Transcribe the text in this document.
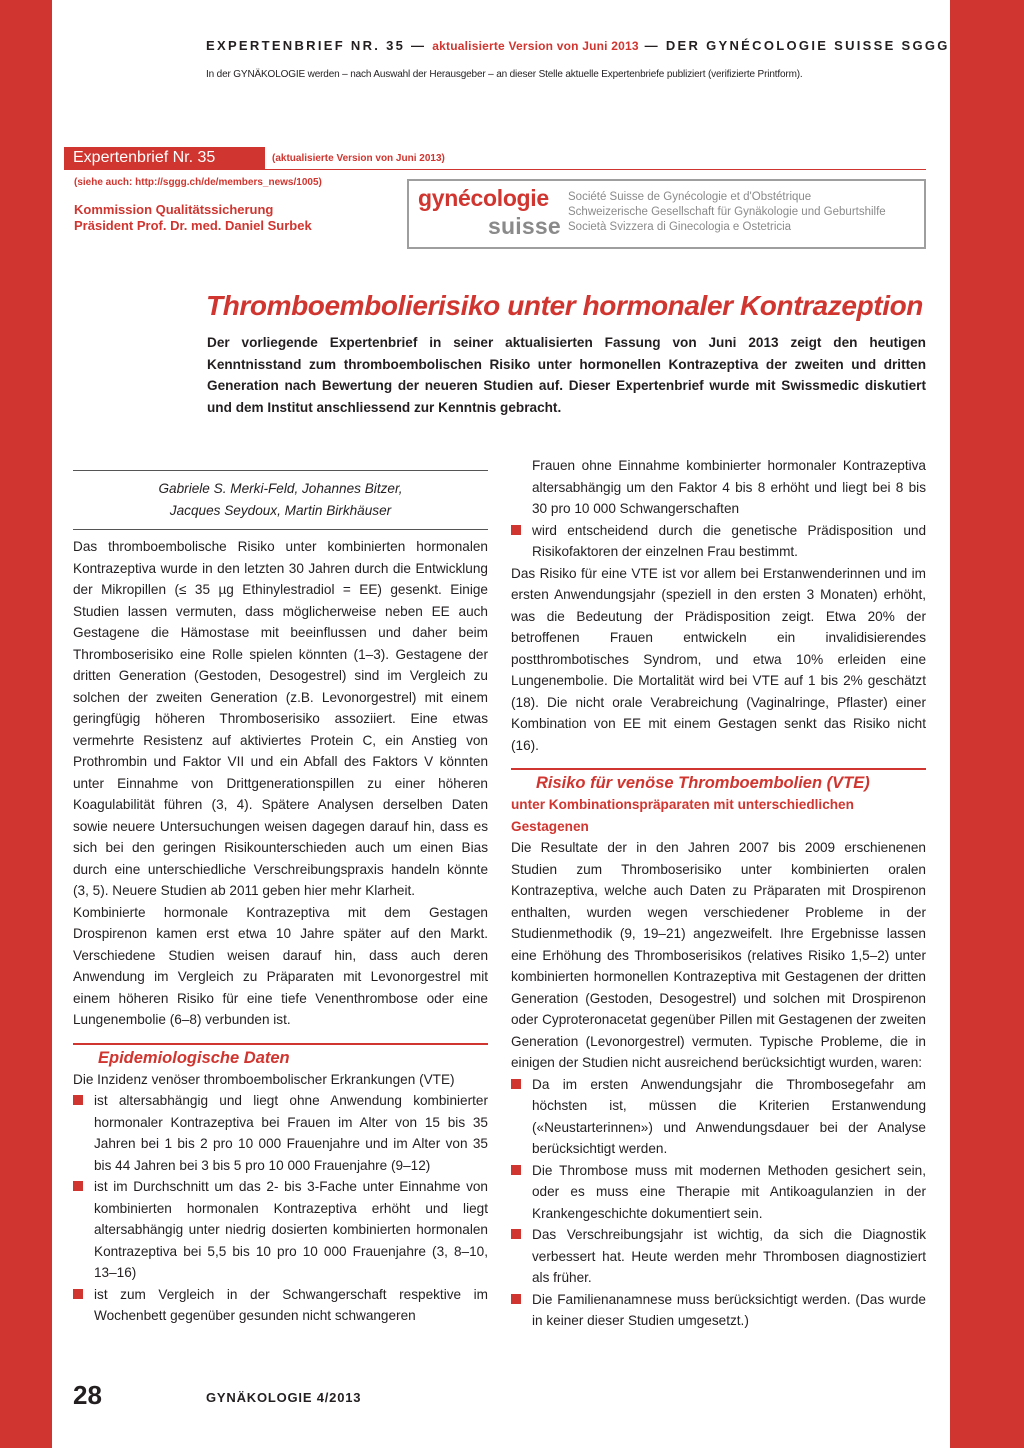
EXPERTENBRIEF NR. 35 — aktualisierte Version von Juni 2013 — DER GYNÉCOLOGIE SUISSE SGGG
In der GYNÄKOLOGIE werden – nach Auswahl der Herausgeber – an dieser Stelle aktuelle Expertenbriefe publiziert (verifizierte Printform).
Expertenbrief Nr. 35	(aktualisierte Version von Juni 2013)
(siehe auch: http://sggg.ch/de/members_news/1005)
Kommission Qualitätssicherung
Präsident Prof. Dr. med. Daniel Surbek
gynécologie
suisse
Société Suisse de Gynécologie et d'Obstétrique
Schweizerische Gesellschaft für Gynäkologie und Geburtshilfe
Società Svizzera di Ginecologia e Ostetricia
Thromboembolierisiko unter hormonaler Kontrazeption

Der vorliegende Expertenbrief in seiner aktualisierten Fassung von Juni 2013 zeigt den heutigen Kenntnisstand zum thromboembolischen Risiko unter hormonellen Kontrazeptiva der zweiten und dritten Generation nach Bewertung der neueren Studien auf. Dieser Expertenbrief wurde mit Swissmedic diskutiert und dem Institut anschliessend zur Kenntnis gebracht.

Gabriele S. Merki-Feld, Johannes Bitzer,
Jacques Seydoux, Martin Birkhäuser

Das thromboembolische Risiko unter kombinierten hormonalen Kontrazeptiva wurde in den letzten 30 Jahren durch die Entwicklung der Mikropillen (≤ 35 µg Ethinylestradiol = EE) gesenkt. Einige Studien lassen vermuten, dass möglicherweise neben EE auch Gestagene die Hämostase mit beeinflussen und daher beim Thromboserisiko eine Rolle spielen könnten (1–3). Gestagene der dritten Generation (Gestoden, Desogestrel) sind im Vergleich zu solchen der zweiten Generation (z.B. Levonorgestrel) mit einem geringfügig höheren Thromboserisiko assoziiert. Eine etwas vermehrte Resistenz auf aktiviertes Protein C, ein Anstieg von Prothrombin und Faktor VII und ein Abfall des Faktors V könnten unter Einnahme von Drittgenerationspillen zu einer höheren Koagulabilität führen (3, 4). Spätere Analysen derselben Daten sowie neuere Untersuchungen weisen dagegen darauf hin, dass es sich bei den geringen Risikounterschieden auch um einen Bias durch eine unterschiedliche Verschreibungspraxis handeln könnte (3, 5). Neuere Studien ab 2011 geben hier mehr Klarheit.

Kombinierte hormonale Kontrazeptiva mit dem Gestagen Drospirenon kamen erst etwa 10 Jahre später auf den Markt. Verschiedene Studien weisen darauf hin, dass auch deren Anwendung im Vergleich zu Präparaten mit Levonorgestrel mit einem höheren Risiko für eine tiefe Venenthrombose oder eine Lungenembolie (6–8) verbunden ist.

Epidemiologische Daten

Die Inzidenz venöser thromboembolischer Erkrankungen (VTE)

ist altersabhängig und liegt ohne Anwendung kombinierter hormonaler Kontrazeptiva bei Frauen im Alter von 15 bis 35 Jahren bei 1 bis 2 pro 10 000 Frauenjahre und im Alter von 35 bis 44 Jahren bei 3 bis 5 pro 10 000 Frauenjahre (9–12)
ist im Durchschnitt um das 2- bis 3-Fache unter Einnahme von kombinierten hormonalen Kontrazeptiva erhöht und liegt altersabhängig unter niedrig dosierten kombinierten hormonalen Kontrazeptiva bei 5,5 bis 10 pro 10 000 Frauenjahre (3, 8–10, 13–16)
ist zum Vergleich in der Schwangerschaft respektive im Wochenbett gegenüber gesunden nicht schwangeren

Frauen ohne Einnahme kombinierter hormonaler Kontrazeptiva altersabhängig um den Faktor 4 bis 8 erhöht und liegt bei 8 bis 30 pro 10 000 Schwangerschaften

wird entscheidend durch die genetische Prädisposition und Risikofaktoren der einzelnen Frau bestimmt.

Das Risiko für eine VTE ist vor allem bei Erstanwenderinnen und im ersten Anwendungsjahr (speziell in den ersten 3 Monaten) erhöht, was die Bedeutung der Prädisposition zeigt. Etwa 20% der betroffenen Frauen entwickeln ein invalidisierendes postthrombotisches Syndrom, und etwa 10% erleiden eine Lungenembolie. Die Mortalität wird bei VTE auf 1 bis 2% geschätzt (18). Die nicht orale Verabreichung (Vaginalringe, Pflaster) einer Kombination von EE mit einem Gestagen senkt das Risiko nicht (16).

Risiko für venöse Thromboembolien (VTE)
unter Kombinationspräparaten mit unterschiedlichen Gestagenen

Die Resultate der in den Jahren 2007 bis 2009 erschienenen Studien zum Thromboserisiko unter kombinierten oralen Kontrazeptiva, welche auch Daten zu Präparaten mit Drospirenon enthalten, wurden wegen verschiedener Probleme in der Studienmethodik (9, 19–21) angezweifelt. Ihre Ergebnisse lassen eine Erhöhung des Thromboserisikos (relatives Risiko 1,5–2) unter kombinierten hormonellen Kontrazeptiva mit Gestagenen der dritten Generation (Gestoden, Desogestrel) und solchen mit Drospirenon oder Cyproteronacetat gegenüber Pillen mit Gestagenen der zweiten Generation (Levonorgestrel) vermuten. Typische Probleme, die in einigen der Studien nicht ausreichend berücksichtigt wurden, waren:

Da im ersten Anwendungsjahr die Thrombosegefahr am höchsten ist, müssen die Kriterien Erstanwendung («Neustarterinnen») und Anwendungsdauer bei der Analyse berücksichtigt werden.
Die Thrombose muss mit modernen Methoden gesichert sein, oder es muss eine Therapie mit Antikoagulanzien in der Krankengeschichte dokumentiert sein.
Das Verschreibungsjahr ist wichtig, da sich die Diagnostik verbessert hat. Heute werden mehr Thrombosen diagnostiziert als früher.
Die Familienanamnese muss berücksichtigt werden. (Das wurde in keiner dieser Studien umgesetzt.)
28	GYNÄKOLOGIE 4/2013
